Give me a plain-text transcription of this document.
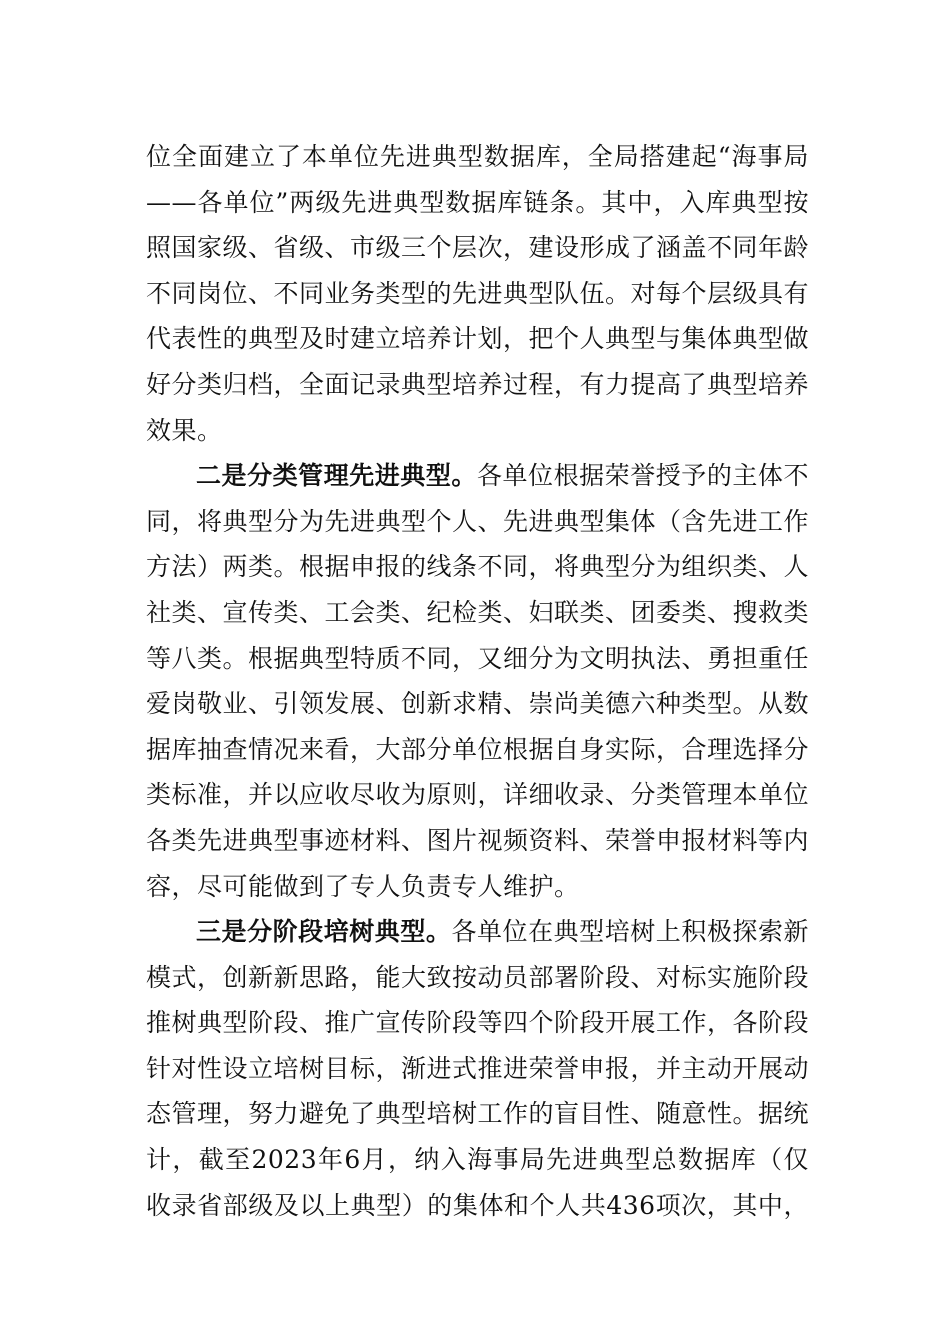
位全面建立了本单位先进典型数据库，全局搭建起“海事局
——各单位”两级先进典型数据库链条。其中，入库典型按
照国家级、省级、市级三个层次，建设形成了涵盖不同年龄
不同岗位、不同业务类型的先进典型队伍。对每个层级具有
代表性的典型及时建立培养计划，把个人典型与集体典型做
好分类归档，全面记录典型培养过程，有力提高了典型培养
效果。
二是分类管理先进典型。各单位根据荣誉授予的主体不
同，将典型分为先进典型个人、先进典型集体（含先进工作
方法）两类。根据申报的线条不同，将典型分为组织类、人
社类、宣传类、工会类、纪检类、妇联类、团委类、搜救类
等八类。根据典型特质不同，又细分为文明执法、勇担重任
爱岗敬业、引领发展、创新求精、崇尚美德六种类型。从数
据库抽查情况来看，大部分单位根据自身实际，合理选择分
类标准，并以应收尽收为原则，详细收录、分类管理本单位
各类先进典型事迹材料、图片视频资料、荣誉申报材料等内
容，尽可能做到了专人负责专人维护。
三是分阶段培树典型。各单位在典型培树上积极探索新
模式，创新新思路，能大致按动员部署阶段、对标实施阶段
推树典型阶段、推广宣传阶段等四个阶段开展工作，各阶段
针对性设立培树目标，渐进式推进荣誉申报，并主动开展动
态管理，努力避免了典型培树工作的盲目性、随意性。据统
计，截至2023年6月，纳入海事局先进典型总数据库（仅
收录省部级及以上典型）的集体和个人共436项次，其中，
